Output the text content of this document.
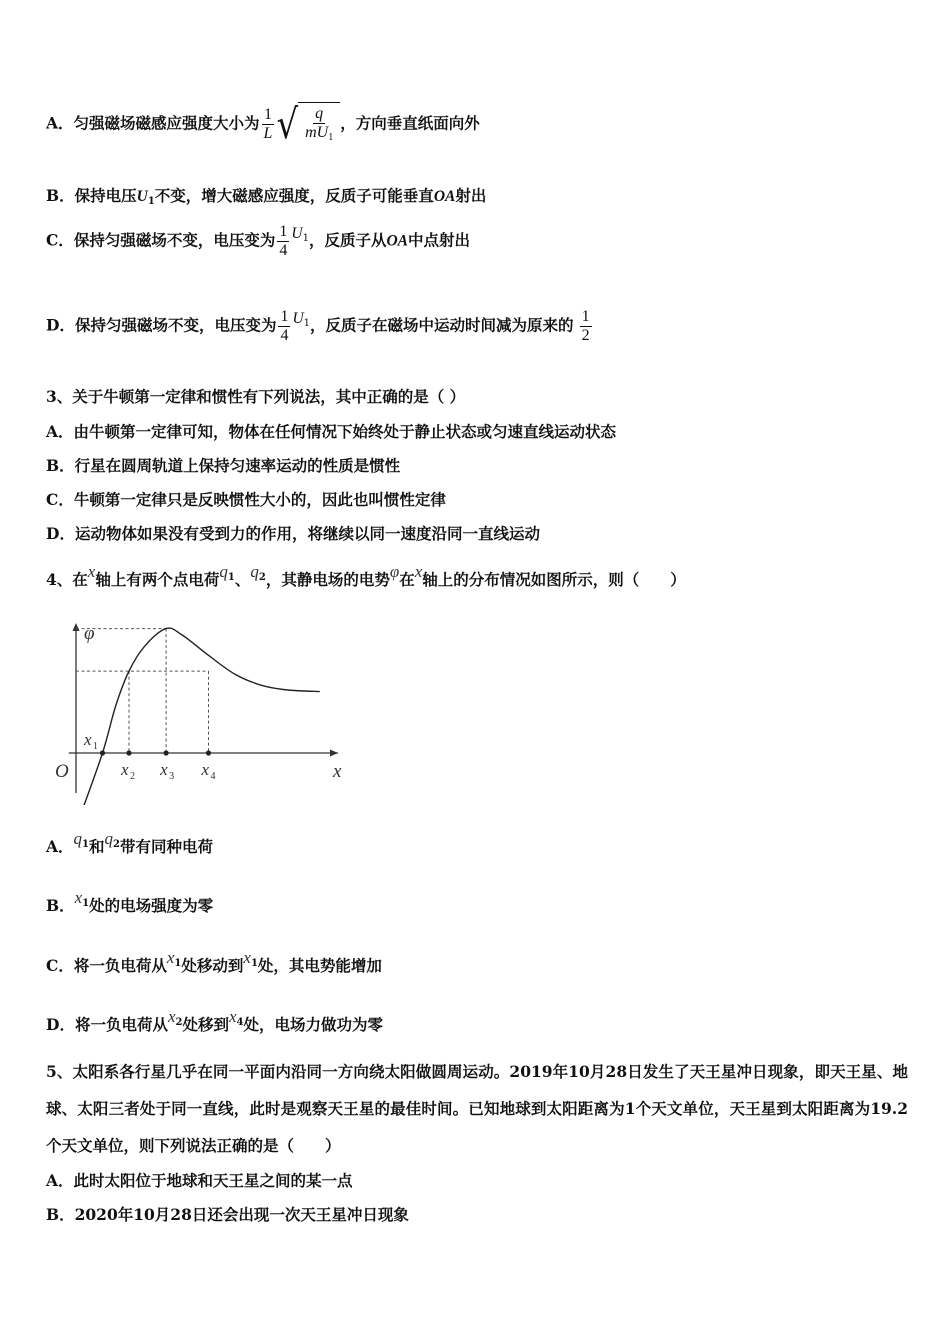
A．匀强磁场磁感应强度大小为 $\frac{1}{L}$ √ $\frac{q}{mU_1}$ ，方向垂直纸面向外
B．保持电压$U_1$不变，增大磁感应强度，反质子可能垂直OA射出
C．保持匀强磁场不变，电压变为 $\frac{1}{4} U_1$，反质子从OA中点射出
D．保持匀强磁场不变，电压变为 $\frac{1}{4} U_1$，反质子在磁场中运动时间减为原来的 $\frac{1}{2}$
3、关于牛顿第一定律和惯性有下列说法，其中正确的是（ ）
A．由牛顿第一定律可知，物体在任何情况下始终处于静止状态或匀速直线运动状态
B．行星在圆周轨道上保持匀速率运动的性质是惯性
C．牛顿第一定律只是反映惯性大小的，因此也叫惯性定律
D．运动物体如果没有受到力的作用，将继续以同一速度沿同一直线运动
4、在x轴上有两个点电荷$q_1$、$q_2$，其静电场的电势φ在x轴上的分布情况如图所示，则（　　）
O	x
φ
x 1
x 2 x 3 x 4
A．$q_1$和$q_2$带有同种电荷
B．$x_1$处的电场强度为零
C．将一负电荷从$x_1$处移动到$x_1$处，其电势能增加
D．将一负电荷从$x_2$处移到$x_4$处，电场力做功为零
5、太阳系各行星几乎在同一平面内沿同一方向绕太阳做圆周运动。2019年10月28日发生了天王星冲日现象，即天王星、地球、太阳三者处于同一直线，此时是观察天王星的最佳时间。已知地球到太阳距离为1个天文单位，天王星到太阳距离为19.2个天文单位，则下列说法正确的是（　　）
A．此时太阳位于地球和天王星之间的某一点
B．2020年10月28日还会出现一次天王星冲日现象
